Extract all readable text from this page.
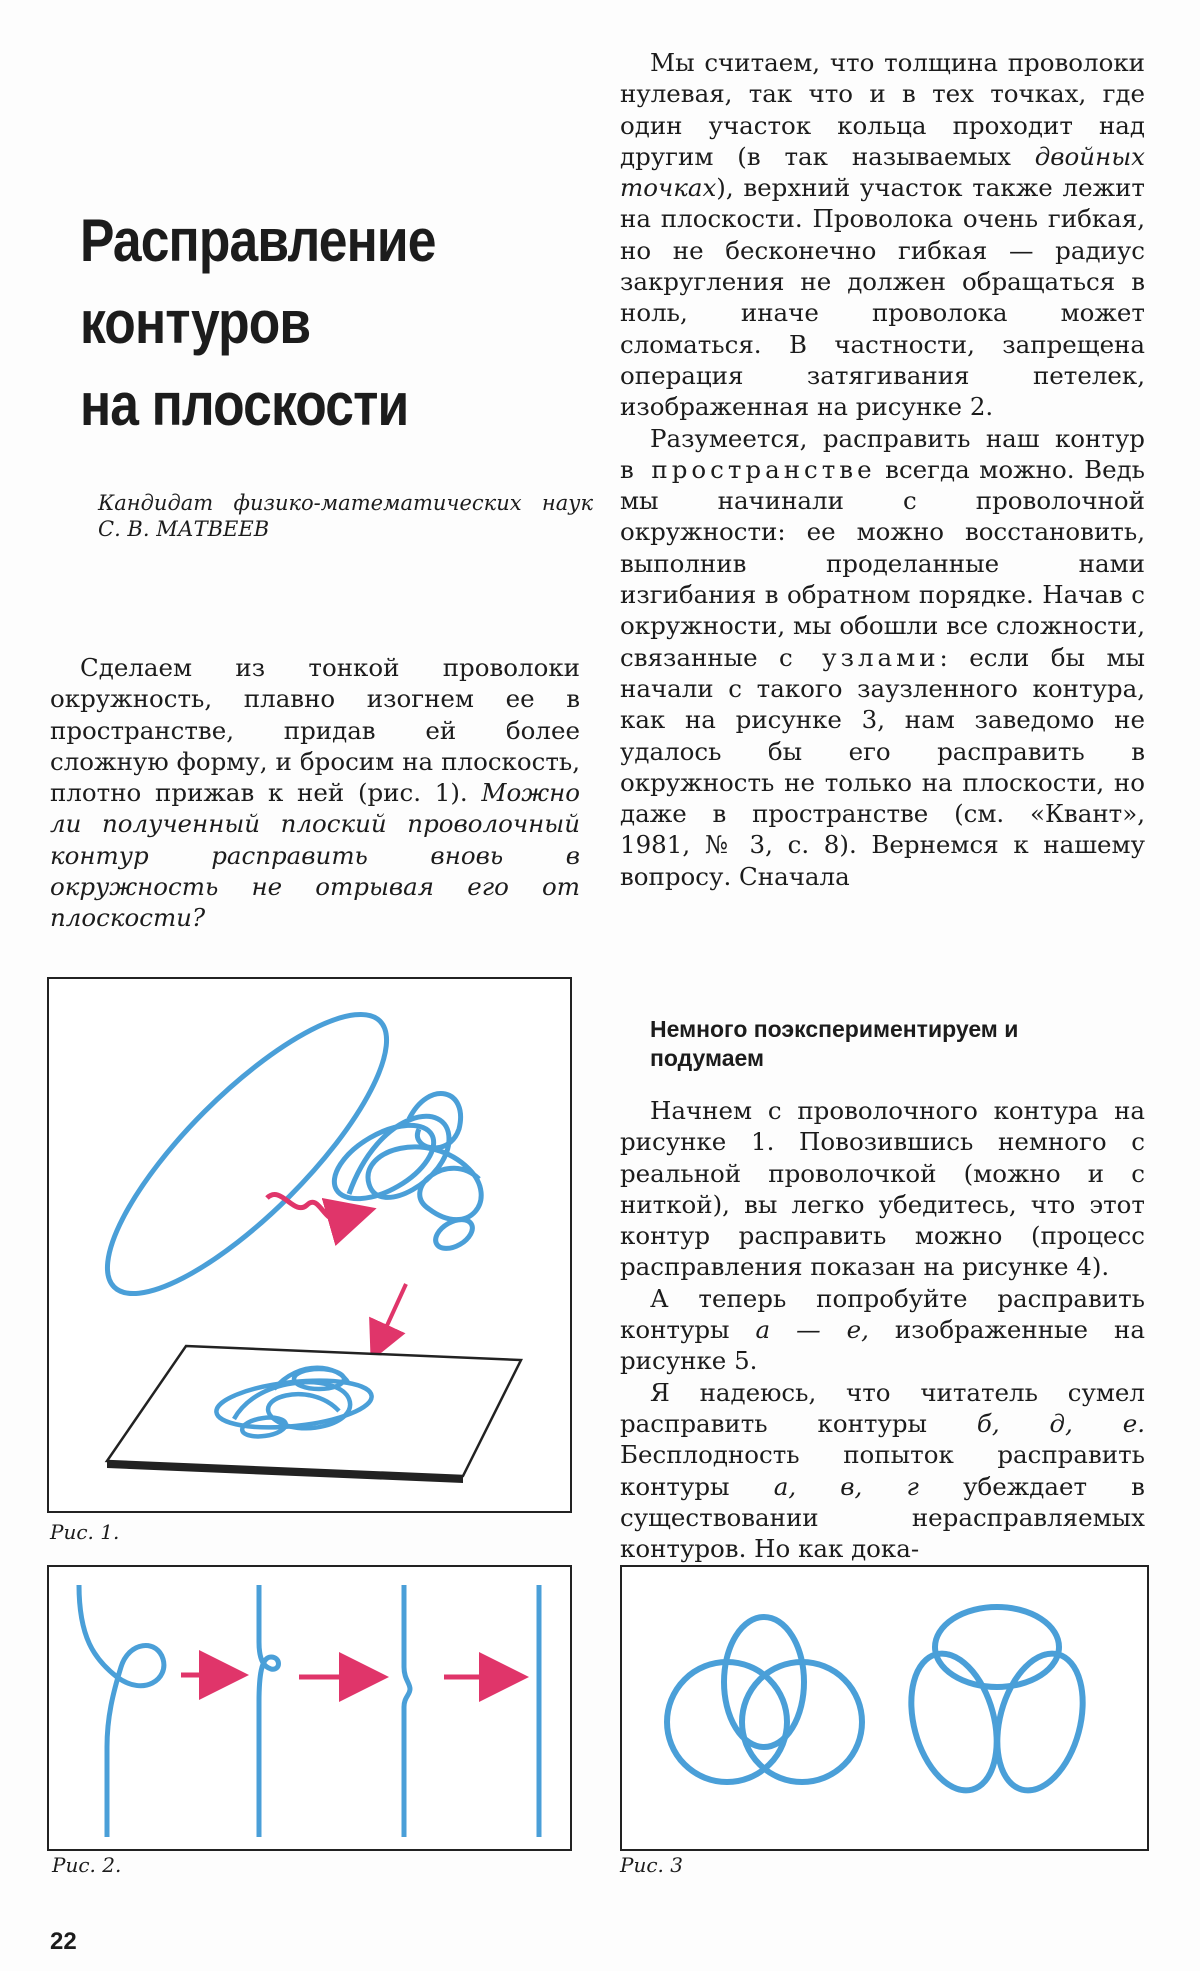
Расправление
контуров
на плоскости
Кандидат физико-математических наук
С. В. МАТВЕЕВ

Сделаем из тонкой проволоки окружность, плавно изогнем ее в пространстве, придав ей более сложную форму, и бросим на плоскость, плотно прижав к ней (рис. 1). Можно ли полученный плоский проволочный контур расправить вновь в окружность не отрывая его от плоскости?

Мы считаем, что толщина проволоки нулевая, так что и в тех точках, где один участок кольца проходит над другим (в так называемых двойных точках), верхний участок также лежит на плоскости. Проволока очень гибкая, но не бесконечно гибкая — радиус закругления не должен обращаться в ноль, иначе проволока может сломаться. В частности, запрещена операция затягивания петелек, изображенная на рисунке 2.

Разумеется, расправить наш контур в пространстве всегда можно. Ведь мы начинали с проволочной окружности: ее можно восстановить, выполнив проделанные нами изгибания в обратном порядке. Начав с окружности, мы обошли все сложности, связанные с узлами: если бы мы начали с такого заузленного контура, как на рисунке 3, нам заведомо не удалось бы его расправить в окружность не только на плоскости, но даже в пространстве (см. «Квант», 1981, № 3, с. 8). Вернемся к нашему вопросу. Сначала

Немного поэкспериментируем и подумаем

Начнем с проволочного контура на рисунке 1. Повозившись немного с реальной проволочкой (можно и с ниткой), вы легко убедитесь, что этот контур расправить можно (процесс расправления показан на рисунке 4).

А теперь попробуйте расправить контуры а — е, изображенные на рисунке 5.

Я надеюсь, что читатель сумел расправить контуры б, д, е. Бесплодность попыток расправить контуры а, в, г убеждает в существовании нерасправляемых контуров. Но как дока-

Рис. 1.
Рис. 2.	Рис. 3
22
